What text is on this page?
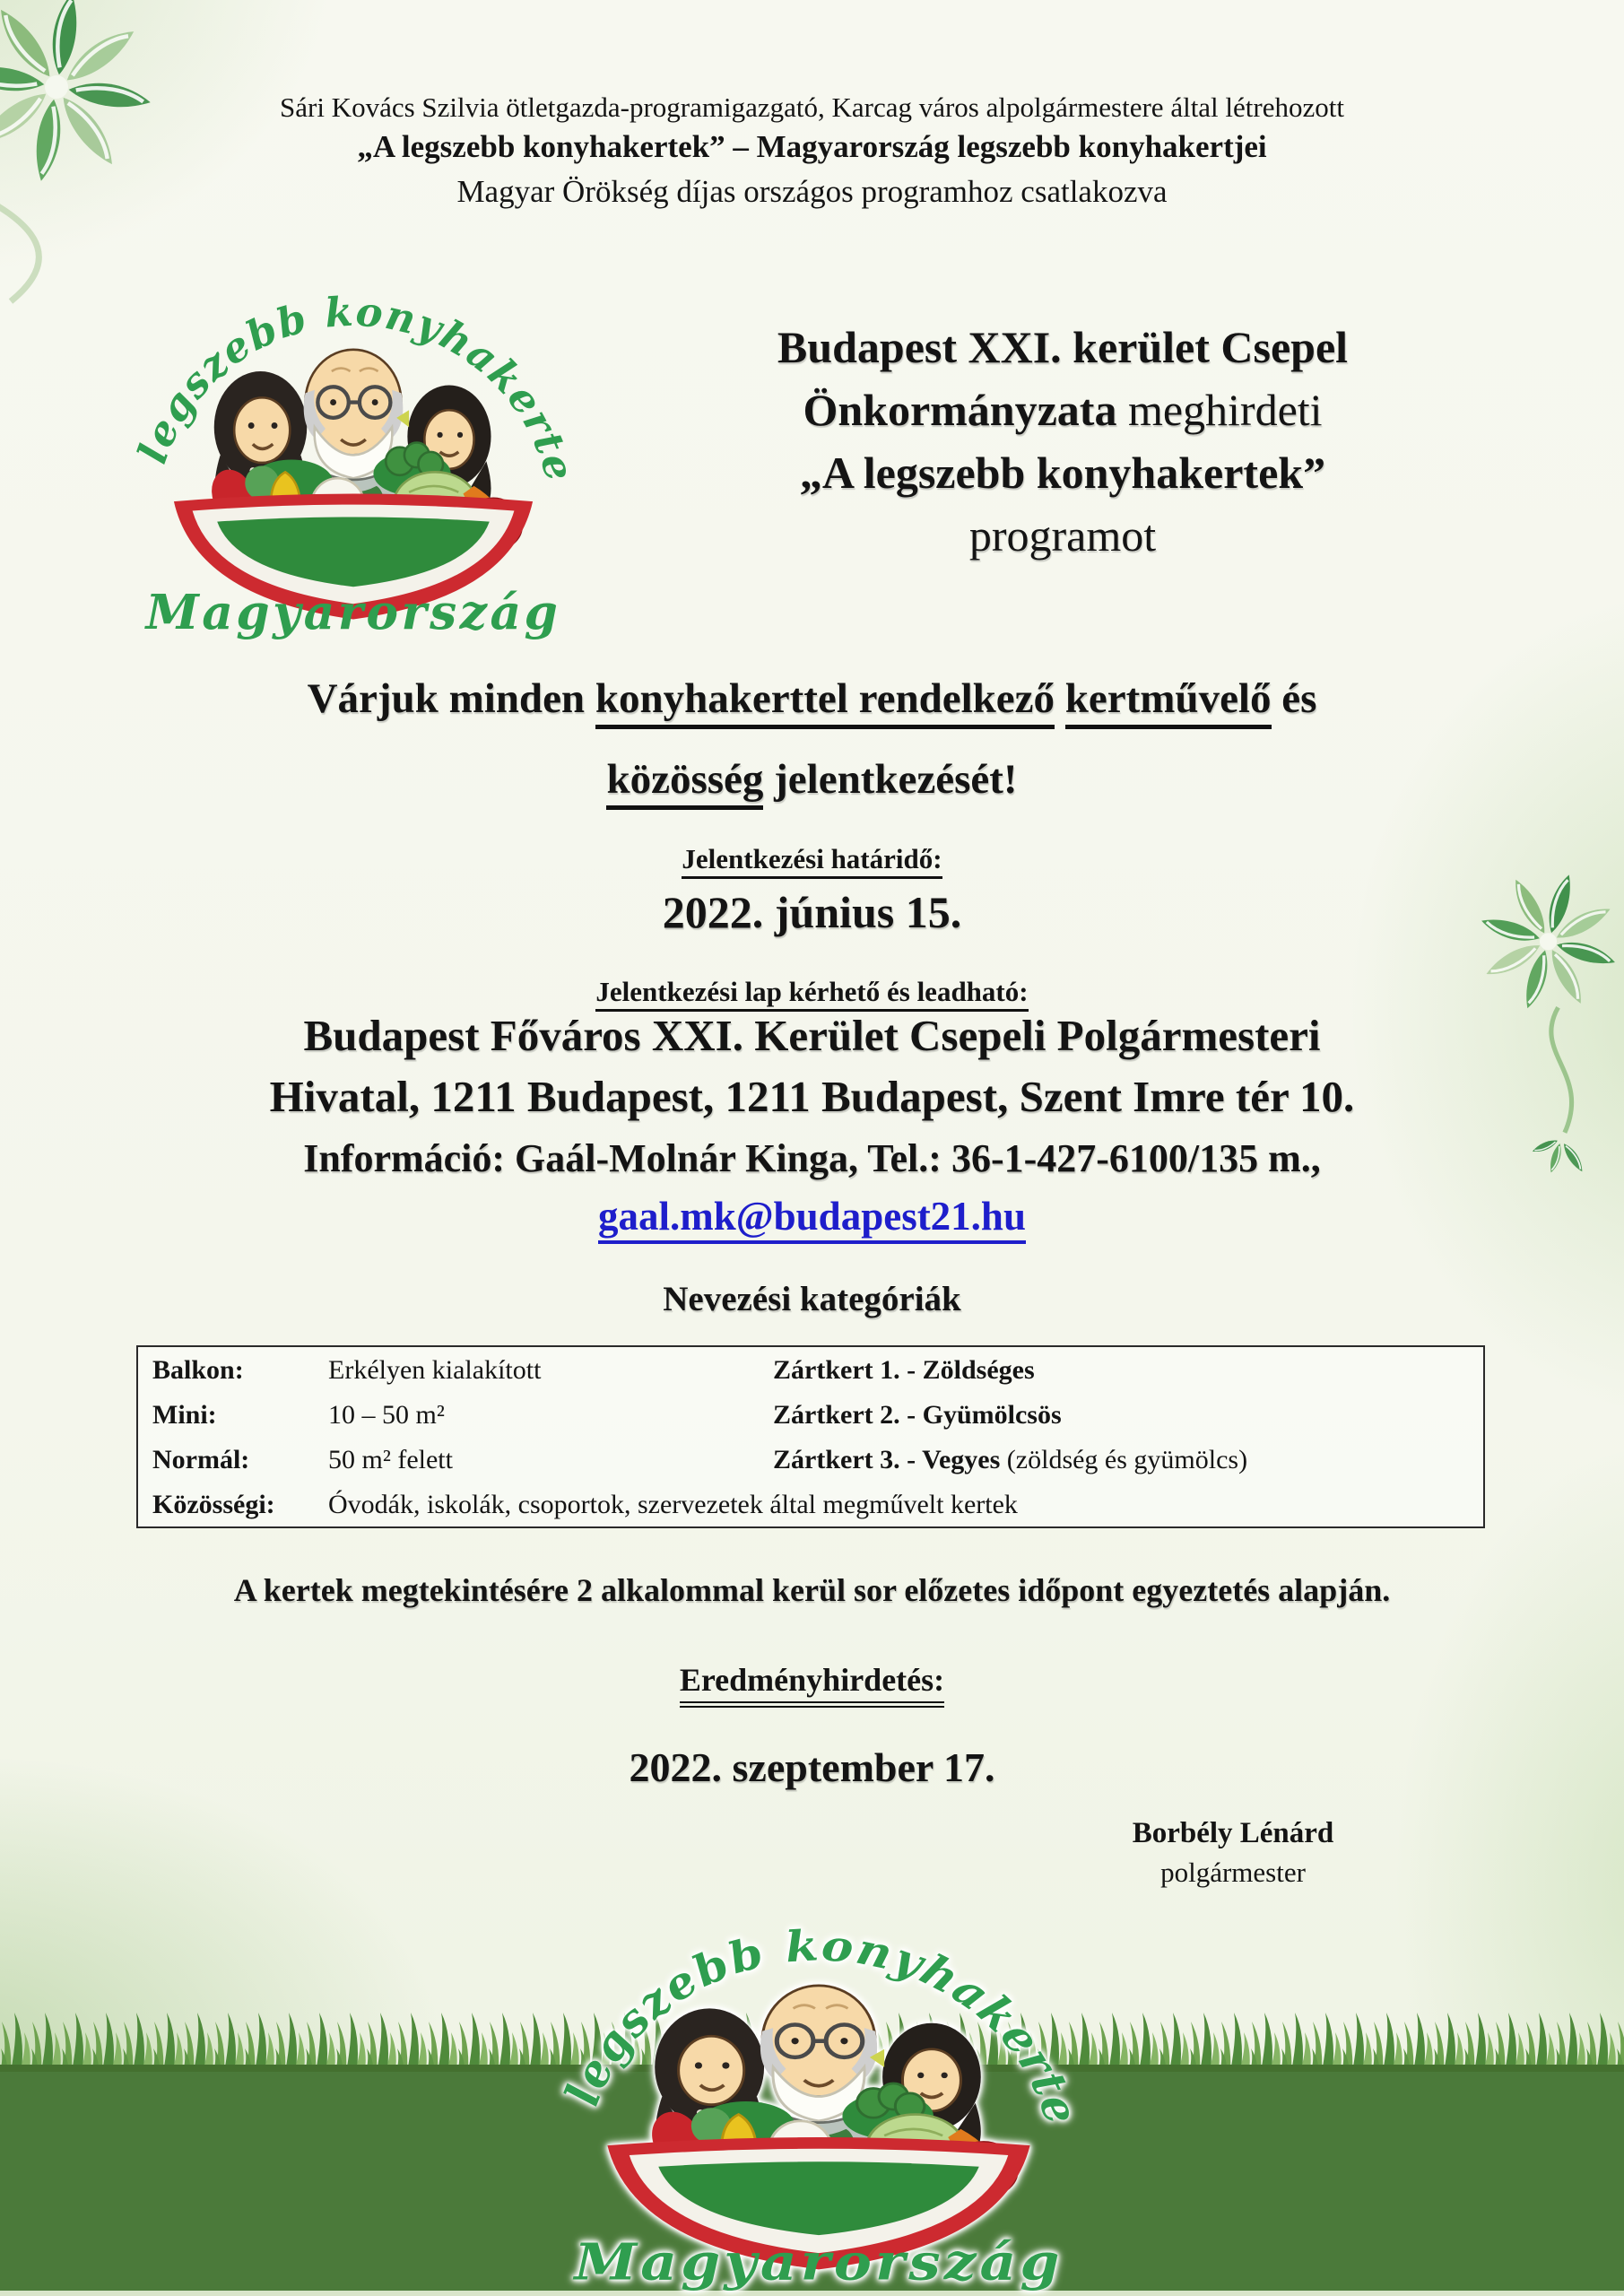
Sári Kovács Szilvia ötletgazda-programigazgató, Karcag város alpolgármestere által létrehozott
„A legszebb konyhakertek” – Magyarország legszebb konyhakertjei
Magyar Örökség díjas országos programhoz csatlakozva
Budapest XXI. kerület Csepel
Önkormányzata meghirdeti
„A legszebb konyhakertek”
programot
Várjuk minden konyhakerttel rendelkező kertművelő és
közösség jelentkezését!
Jelentkezési határidő:
2022. június 15.
Jelentkezési lap kérhető és leadható:
Budapest Főváros XXI. Kerület Csepeli Polgármesteri
Hivatal, 1211 Budapest, 1211 Budapest, Szent Imre tér 10.
Információ: Gaál-Molnár Kinga, Tel.: 36-1-427-6100/135 m.,
gaal.mk@budapest21.hu
Nevezési kategóriák
Balkon:	Erkélyen kialakított	Zártkert 1. - Zöldséges
Mini:	10 – 50 m²	Zártkert 2. - Gyümölcsös
Normál:	50 m² felett	Zártkert 3. - Vegyes (zöldség és gyümölcs)
Közösségi:	Óvodák, iskolák, csoportok, szervezetek által megművelt kertek	
A kertek megtekintésére 2 alkalommal kerül sor előzetes időpont egyeztetés alapján.
Eredményhirdetés:
2022. szeptember 17.
Borbély Lénárd
polgármester
